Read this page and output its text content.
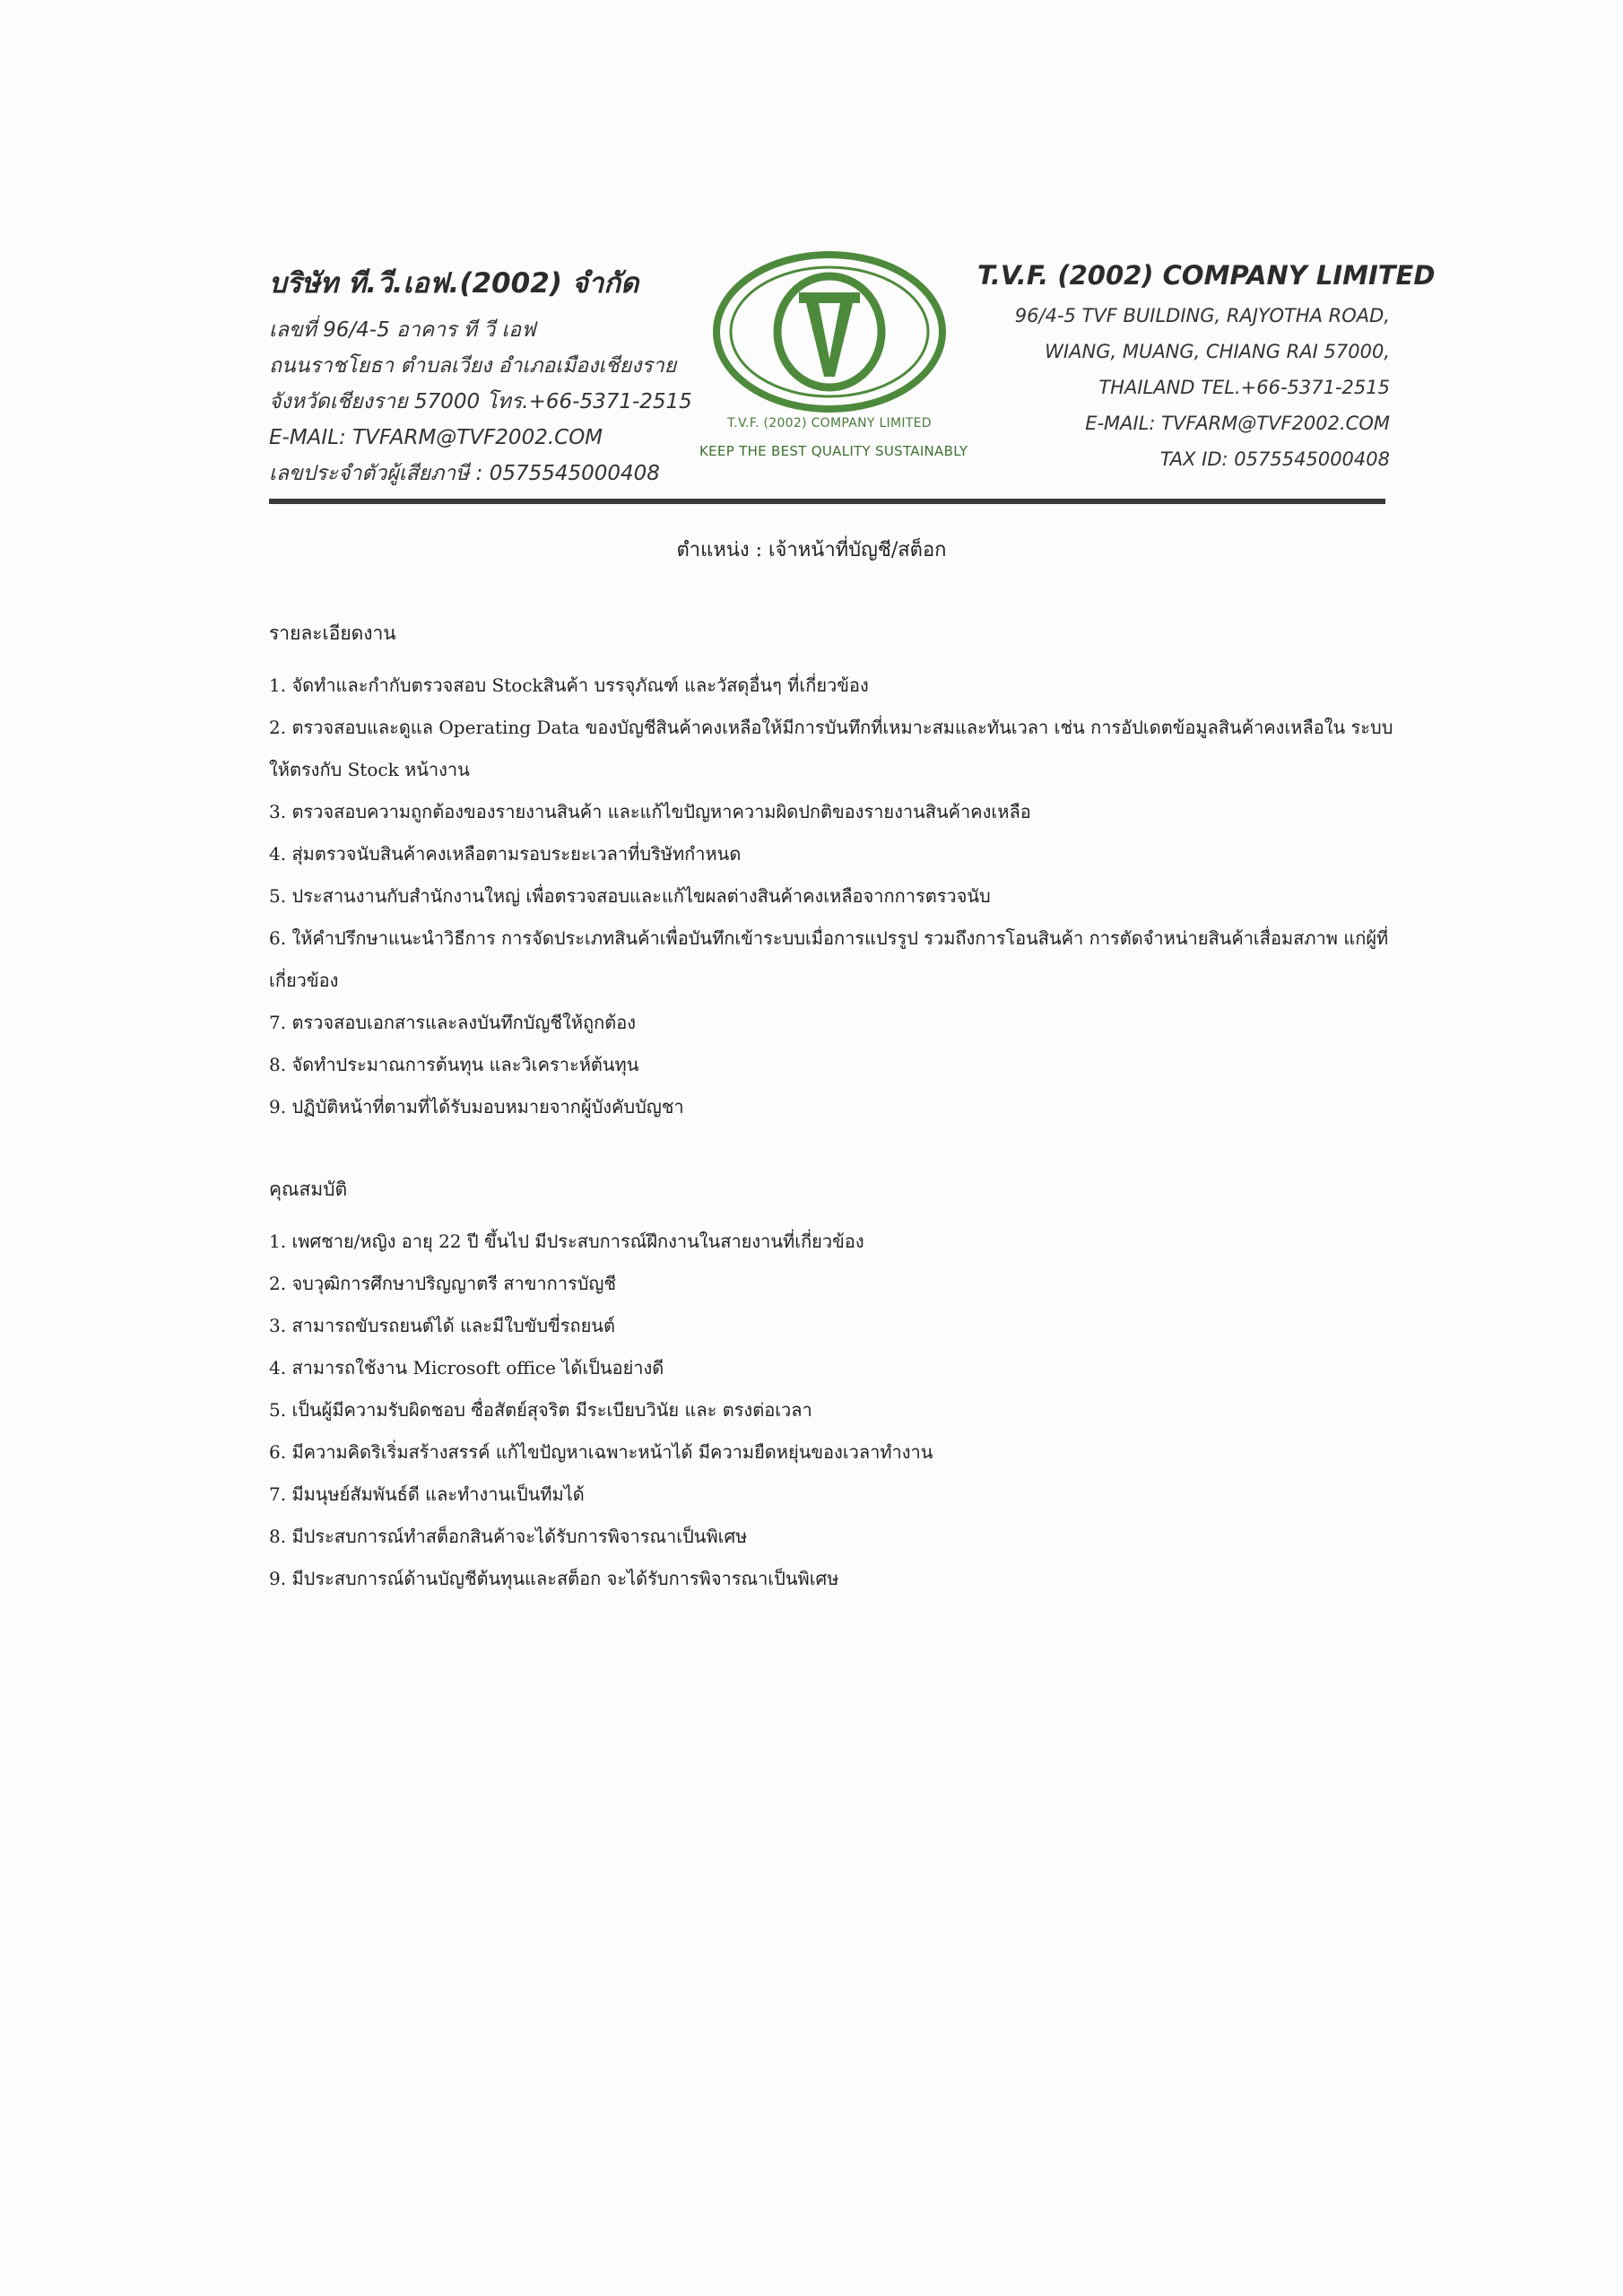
บริษัท ที.วี.เอฟ.(2002) จำกัด
เลขที่ 96/4-5 อาคาร ที วี เอฟ
ถนนราชโยธา ตำบลเวียง อำเภอเมืองเชียงราย
จังหวัดเชียงราย 57000 โทร.+66-5371-2515
E-MAIL: TVFARM@TVF2002.COM
เลขประจำตัวผู้เสียภาษี : 0575545000408
T.V.F. (2002) COMPANY LIMITED
KEEP THE BEST QUALITY SUSTAINABLY
T.V.F. (2002) COMPANY LIMITED
96/4-5 TVF BUILDING, RAJYOTHA ROAD,
WIANG, MUANG, CHIANG RAI 57000,
THAILAND TEL.+66-5371-2515
E-MAIL: TVFARM@TVF2002.COM
TAX ID: 0575545000408
ตำแหน่ง : เจ้าหน้าที่บัญชี/สต็อก
รายละเอียดงาน
1. จัดทำและกำกับตรวจสอบ Stockสินค้า บรรจุภัณฑ์ และวัสดุอื่นๆ ที่เกี่ยวข้อง
2. ตรวจสอบและดูแล Operating Data ของบัญชีสินค้าคงเหลือให้มีการบันทึกที่เหมาะสมและทันเวลา เช่น การอัปเดตข้อมูลสินค้าคงเหลือใน ระบบให้ตรงกับ Stock หน้างาน
3. ตรวจสอบความถูกต้องของรายงานสินค้า และแก้ไขปัญหาความผิดปกติของรายงานสินค้าคงเหลือ
4. สุ่มตรวจนับสินค้าคงเหลือตามรอบระยะเวลาที่บริษัทกำหนด
5. ประสานงานกับสำนักงานใหญ่ เพื่อตรวจสอบและแก้ไขผลต่างสินค้าคงเหลือจากการตรวจนับ
6. ให้คำปรึกษาแนะนำวิธีการ การจัดประเภทสินค้าเพื่อบันทึกเข้าระบบเมื่อการแปรรูป รวมถึงการโอนสินค้า การตัดจำหน่ายสินค้าเสื่อมสภาพ แก่ผู้ที่เกี่ยวข้อง
7. ตรวจสอบเอกสารและลงบันทึกบัญชีให้ถูกต้อง
8. จัดทำประมาณการต้นทุน และวิเคราะห์ต้นทุน
9. ปฏิบัติหน้าที่ตามที่ได้รับมอบหมายจากผู้บังคับบัญชา
คุณสมบัติ
1. เพศชาย/หญิง อายุ 22 ปี ขึ้นไป มีประสบการณ์ฝึกงานในสายงานที่เกี่ยวข้อง
2. จบวุฒิการศึกษาปริญญาตรี สาขาการบัญชี
3. สามารถขับรถยนต์ได้ และมีใบขับขี่รถยนต์
4. สามารถใช้งาน Microsoft office ได้เป็นอย่างดี
5. เป็นผู้มีความรับผิดชอบ ซื่อสัตย์สุจริต มีระเบียบวินัย และ ตรงต่อเวลา
6. มีความคิดริเริ่มสร้างสรรค์ แก้ไขปัญหาเฉพาะหน้าได้ มีความยืดหยุ่นของเวลาทำงาน
7. มีมนุษย์สัมพันธ์ดี และทำงานเป็นทีมได้
8. มีประสบการณ์ทำสต็อกสินค้าจะได้รับการพิจารณาเป็นพิเศษ
9. มีประสบการณ์ด้านบัญชีต้นทุนและสต็อก จะได้รับการพิจารณาเป็นพิเศษ
